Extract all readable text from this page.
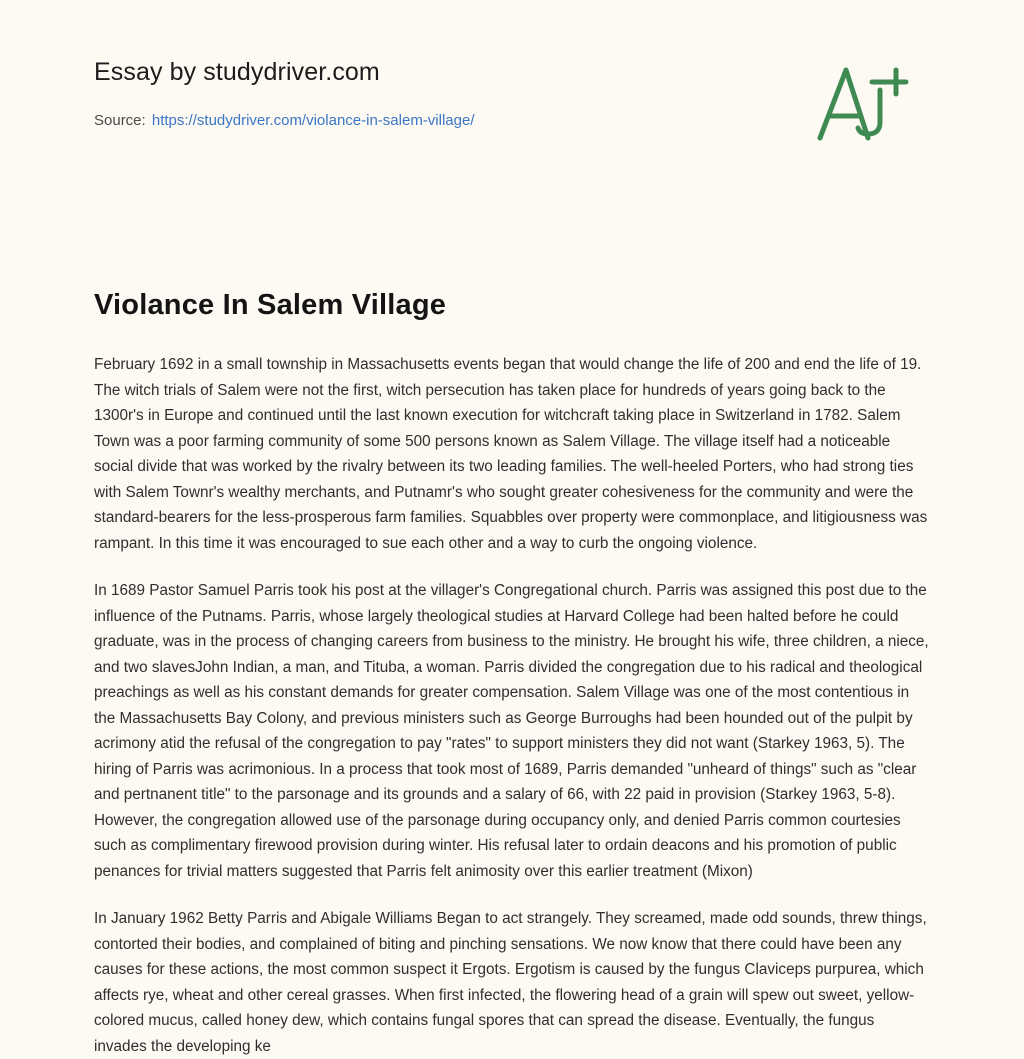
Essay by studydriver.com
Source: https://studydriver.com/violance-in-salem-village/
Violance In Salem Village

February 1692 in a small township in Massachusetts events began that would change the life of 200 and end the life of 19. The witch trials of Salem were not the first, witch persecution has taken place for hundreds of years going back to the 1300r's in Europe and continued until the last known execution for witchcraft taking place in Switzerland in 1782. Salem Town was a poor farming community of some 500 persons known as Salem Village. The village itself had a noticeable social divide that was worked by the rivalry between its two leading families. The well-heeled Porters, who had strong ties with Salem Townr's wealthy merchants, and Putnamr's who sought greater cohesiveness for the community and were the standard-bearers for the less-prosperous farm families. Squabbles over property were commonplace, and litigiousness was rampant. In this time it was encouraged to sue each other and a way to curb the ongoing violence.

In 1689 Pastor Samuel Parris took his post at the villager's Congregational church. Parris was assigned this post due to the influence of the Putnams. Parris, whose largely theological studies at Harvard College had been halted before he could graduate, was in the process of changing careers from business to the ministry. He brought his wife, three children, a niece, and two slavesJohn Indian, a man, and Tituba, a woman. Parris divided the congregation due to his radical and theological preachings as well as his constant demands for greater compensation. Salem Village was one of the most contentious in the Massachusetts Bay Colony, and previous ministers such as George Burroughs had been hounded out of the pulpit by acrimony atid the refusal of the congregation to pay "rates" to support ministers they did not want (Starkey 1963, 5). The hiring of Parris was acrimonious. In a process that took most of 1689, Parris demanded "unheard of things" such as "clear and pertnanent title" to the parsonage and its grounds and a salary of 66, with 22 paid in provision (Starkey 1963, 5-8). However, the congregation allowed use of the parsonage during occupancy only, and denied Parris common courtesies such as complimentary firewood provision during winter. His refusal later to ordain deacons and his promotion of public penances for trivial matters suggested that Parris felt animosity over this earlier treatment (Mixon)

In January 1962 Betty Parris and Abigale Williams Began to act strangely. They screamed, made odd sounds, threw things, contorted their bodies, and complained of biting and pinching sensations. We now know that there could have been any causes for these actions, the most common suspect it Ergots. Ergotism is caused by the fungus Claviceps purpurea, which affects rye, wheat and other cereal grasses. When first infected, the flowering head of a grain will spew out sweet, yellow-colored mucus, called honey dew, which contains fungal spores that can spread the disease. Eventually, the fungus invades the developing ke
